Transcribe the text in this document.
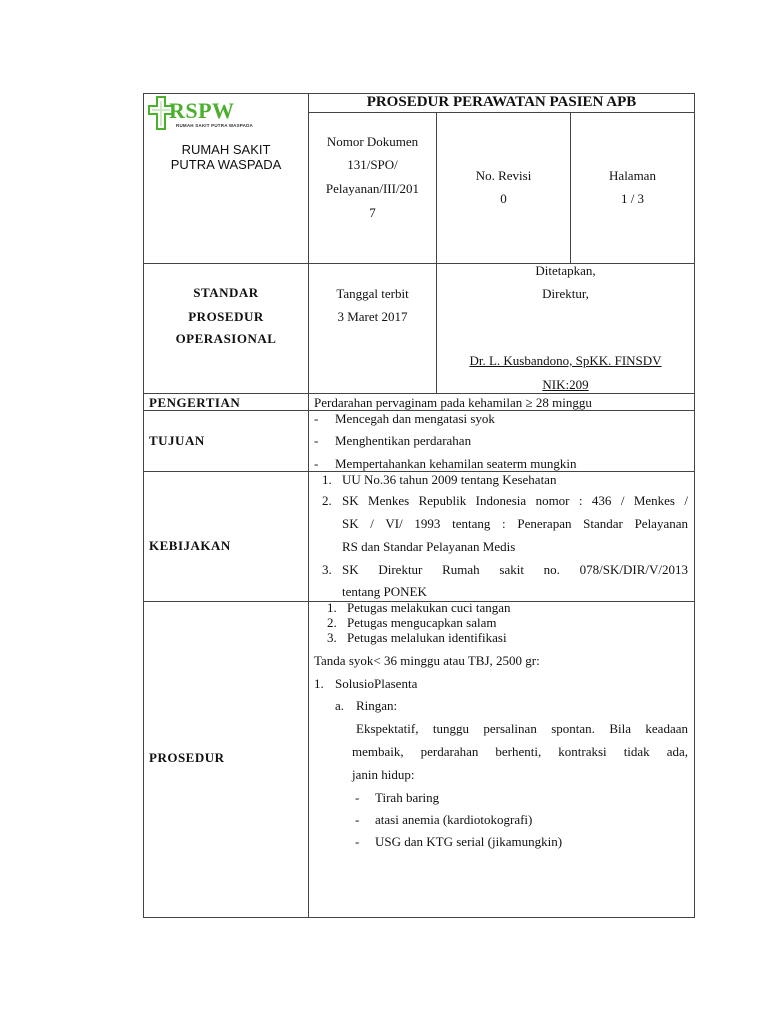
RSPW
RUMAH SAKIT PUTRA WASPADA
RUMAH SAKIT
PUTRA WASPADA
PROSEDUR PERAWATAN PASIEN APB
Nomor Dokumen
131/SPO/
Pelayanan/III/201
7
No. Revisi
0
Halaman
1 / 3
STANDAR
PROSEDUR
OPERASIONAL
Tanggal terbit
3 Maret 2017
Ditetapkan,
Direktur,
Dr. L. Kusbandono, SpKK. FINSDV
NIK:209
PENGERTIAN	Perdarahan pervaginam pada kehamilan ≥ 28 minggu
TUJUAN
- Mencegah dan mengatasi syok
- Menghentikan perdarahan
- Mempertahankan kehamilan seaterm mungkin
KEBIJAKAN
1. UU No.36 tahun 2009 tentang Kesehatan
2. SK Menkes Republik Indonesia nomor : 436 / Menkes /
SK / VI/ 1993 tentang : Penerapan Standar Pelayanan
RS dan Standar Pelayanan Medis
3. SK Direktur Rumah sakit no. 078/SK/DIR/V/2013
tentang PONEK
PROSEDUR
1. Petugas melakukan cuci tangan
2. Petugas mengucapkan salam
3. Petugas melalukan identifikasi
Tanda syok< 36 minggu atau TBJ, 2500 gr:
1. SolusioPlasenta
a. Ringan:
Ekspektatif, tunggu persalinan spontan. Bila keadaan
membaik, perdarahan berhenti, kontraksi tidak ada,
janin hidup:
- Tirah baring
- atasi anemia (kardiotokografi)
- USG dan KTG serial (jikamungkin)
